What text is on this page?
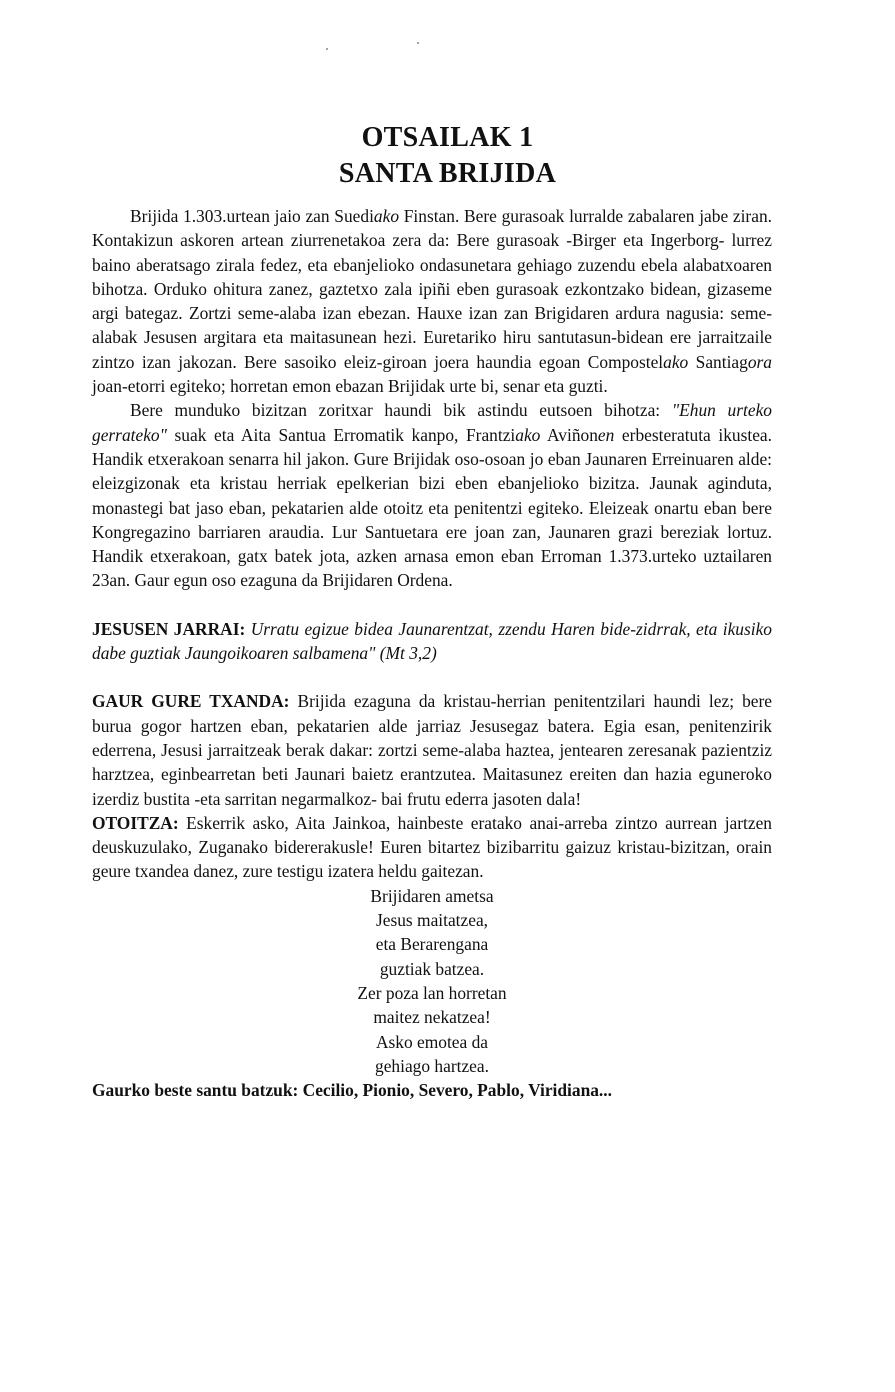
OTSAILAK 1
SANTA BRIJIDA

Brijida 1.303.urtean jaio zan Suediako Finstan. Bere gurasoak lurralde zabalaren jabe ziran. Kontakizun askoren artean ziurrenetakoa zera da: Bere gurasoak -Birger eta Ingerborg- lurrez baino aberatsago zirala fedez, eta ebanjelioko ondasunetara gehiago zuzendu ebela alabatxoaren bihotza. Orduko ohitura zanez, gaztetxo zala ipiñi eben gurasoak ezkontzako bidean, gizaseme argi bategaz. Zortzi seme-alaba izan ebezan. Hauxe izan zan Brigidaren ardura nagusia: seme-alabak Jesusen argitara eta maitasunean hezi. Euretariko hiru santutasun-bidean ere jarraitzaile zintzo izan jakozan. Bere sasoiko eleiz-giroan joera haundia egoan Compostelako Santiagora joan-etorri egiteko; horretan emon ebazan Brijidak urte bi, senar eta guzti.

Bere munduko bizitzan zoritxar haundi bik astindu eutsoen bihotza: "Ehun urteko gerrateko" suak eta Aita Santua Erromatik kanpo, Frantziako Aviñonen erbesteratuta ikustea. Handik etxerakoan senarra hil jakon. Gure Brijidak oso-osoan jo eban Jaunaren Erreinuaren alde: eleizgizonak eta kristau herriak epelkerian bizi eben ebanjelioko bizitza. Jaunak aginduta, monastegi bat jaso eban, pekatarien alde otoitz eta penitentzi egiteko. Eleizeak onartu eban bere Kongregazino barriaren araudia. Lur Santuetara ere joan zan, Jaunaren grazi bereziak lortuz. Handik etxerakoan, gatx batek jota, azken arnasa emon eban Erroman 1.373.urteko uztailaren 23an. Gaur egun oso ezaguna da Brijidaren Ordena.

JESUSEN JARRAI: Urratu egizue bidea Jaunarentzat, zzendu Haren bide-zidrrak, eta ikusiko dabe guztiak Jaungoikoaren salbamena" (Mt 3,2)

GAUR GURE TXANDA: Brijida ezaguna da kristau-herrian penitentzilari haundi lez; bere burua gogor hartzen eban, pekatarien alde jarriaz Jesusegaz batera. Egia esan, penitenzirik ederrena, Jesusi jarraitzeak berak dakar: zortzi seme-alaba haztea, jentearen zeresanak pazientziz harztzea, eginbearretan beti Jaunari baietz erantzutea. Maitasunez ereiten dan hazia eguneroko izerdiz bustita -eta sarritan negarmalkoz- bai frutu ederra jasoten dala!

OTOITZA: Eskerrik asko, Aita Jainkoa, hainbeste eratako anai-arreba zintzo aurrean jartzen deuskuzulako, Zuganako bidererakusle! Euren bitartez bizibarritu gaizuz kristau-bizitzan, orain geure txandea danez, zure testigu izatera heldu gaitezan.

Brijidaren ametsa
Jesus maitatzea,
eta Berarengana
guztiak batzea.
Zer poza lan horretan
maitez nekatzea!
Asko emotea da
gehiago hartzea.

Gaurko beste santu batzuk: Cecilio, Pionio, Severo, Pablo, Viridiana...
